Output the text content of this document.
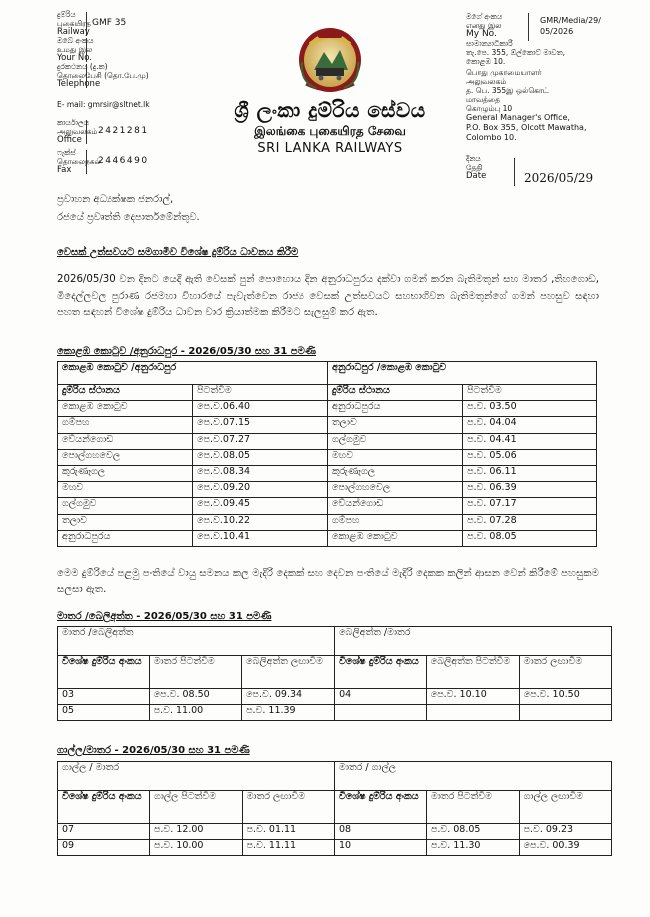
දුම්රිය
புகையிரத
Railway
GMF 35
ඔබේ අංකය
உமது இல
Your No.
දුරකථනය (දු.ක)
தொலைபேசி (தொ.பே.மு)
Telephone
කාර්යාලය
அலுவலகம்
Office
2421281
ෆැක්ස්
தொலைநகல்
Fax
2446490
E- mail: gmrsir@sltnet.lk	ශ්‍රී ලංකා දුම්රිය සේවය
இலங்கை புகையிரத சேவை
SRI LANKA RAILWAYS
මගේ අංකය
எனது இல
My No.
GMR/Media/29/
05/2026
සාමාන්‍යාධිකාරී
තැ.පෙ. 355, ඕල්කොට් මාවත,
කොළඹ 10.
பொது முகாமையாளர்
அலுவலகம்
த. பெ. 355இ ஒல்கொட்
மாவத்தை
கொழும்பு 10
General Manager's Office,
P.O. Box 355, Olcott Mawatha,
Colombo 10.
දිනය
தேதி
Date	2026/05/29
ප්‍රවාහන අධ්‍යක්ෂක ජනරාල්,
රජයේ ප්‍රවෘත්ති දෙපාර්තමේන්තුව.
වෙසක් උත්සවයට සමගාමීව විශේෂ දුම්රිය ධාවනය කිරීම
2026/05/30 වන දිනට යෙදී ඇති වෙසක් පුන් පොහොය දින අනුරාධපුරය දක්වා ගමන් කරන බැතිමතුන් සහ මාතර ,තිහගොඩ, මිදෙල්ලවල පුරාණ රජමහා විහාරයේ පැවැත්වෙන රාජ්‍ය වෙසක් උත්සවයට සහභාගිවන බැතිමතුන්ගේ ගමන් පහසුව සඳහා පහත සඳහන් විශේෂ දුම්රිය ධාවන වාර ක්‍රියාත්මක කිරීමට සැලසුම් කර ඇත.
කොළඹ කොටුව /අනුරාධපුර - 2026/05/30 සහ 31 පමණි
කොළඹ කොටුව /අනුරාධපුර		අනුරාධපුර /කොළඹ කොටුව	
දුම්රිය ස්ථානය	පිටත්වීම	දුම්රිය ස්ථානය	පිටත්වීම
කොළඹ කොටුව	පෙ.ව.06.40	අනුරාධපුරය	ප.ව. 03.50
ගම්පහ	පෙ.ව.07.15	තලාව	ප.ව. 04.04
වේයන්ගොඩ	පෙ.ව.07.27	ගල්ගමුව	ප.ව. 04.41
පොල්ගහවෙල	පෙ.ව.08.05	මහව	ප.ව. 05.06
කුරුණෑගල	පෙ.ව.08.34	කුරුණෑගල	ප.ව. 06.11
මහව	පෙ.ව.09.20	පොල්ගහවෙල	ප.ව. 06.39
ගල්ගමුව	පෙ.ව.09.45	වේයන්ගොඩ	ප.ව. 07.17
තලාව	පෙ.ව.10.22	ගම්පහ	ප.ව. 07.28
අනුරාධපුරය	පෙ.ව.10.41	කොළඹ කොටුව	ප.ව. 08.05
මෙම දුම්රියේ පළමු පංතියේ වායු සමනය කල මැදිරි දෙකක් සහ දෙවන පංතියේ මැදිරි දෙකක කලින් ආසන වෙන් කිරීමේ පහසුකම සලසා ඇත.
මාතර /බෙලිඅත්ත - 2026/05/30 සහ 31 පමණි
මාතර /බෙලිඅත්ත			බෙලිඅත්ත /මාතර		
විශේෂ දුම්රිය අංකය	මාතර පිටත්වීම	බෙලිඅත්ත ලඟාවීම	විශේෂ දුම්රිය අංකය	බෙලිඅත්ත පිටත්වීම	මාතර ලඟාවීම
03	පෙ.ව. 08.50	පෙ.ව. 09.34	04	පෙ.ව. 10.10	පෙ.ව. 10.50
05	ප.ව. 11.00	ප.ව. 11.39			
ගාල්ල/මාතර - 2026/05/30 සහ 31 පමණි
ගාල්ල / මාතර			මාතර / ගාල්ල		
විශේෂ දුම්රිය අංකය	ගාල්ල පිටත්වීම	මාතර ලඟාවීම	විශේෂ දුම්රිය අංකය	මාතර පිටත්වීම	ගාල්ල ලඟාවීම
07	ප.ව. 12.00	ප.ව. 01.11	08	ප.ව. 08.05	ප.ව. 09.23
09	ප.ව. 10.00	ප.ව. 11.11	10	ප.ව. 11.30	පෙ.ව. 00.39
